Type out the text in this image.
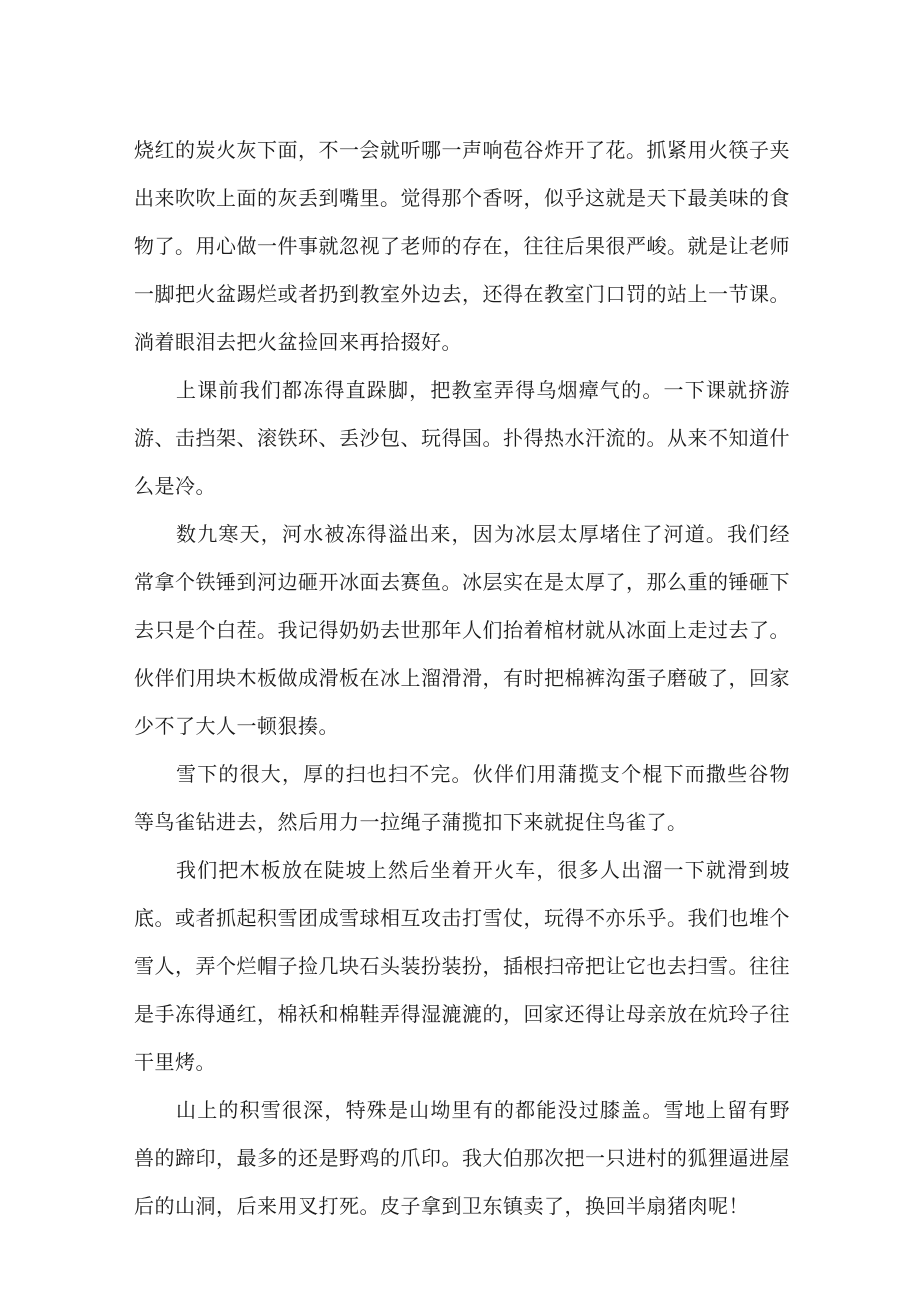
烧红的炭火灰下面，不一会就听哪一声响苞谷炸开了花。抓紧用火筷子夹出来吹吹上面的灰丢到嘴里。觉得那个香呀，似乎这就是天下最美味的食物了。用心做一件事就忽视了老师的存在，往往后果很严峻。就是让老师一脚把火盆踢烂或者扔到教室外边去，还得在教室门口罚的站上一节课。淌着眼泪去把火盆捡回来再拾掇好。

上课前我们都冻得直跺脚，把教室弄得乌烟瘴气的。一下课就挤游游、击挡架、滚铁环、丢沙包、玩得国。扑得热水汗流的。从来不知道什么是冷。

数九寒天，河水被冻得溢出来，因为冰层太厚堵住了河道。我们经常拿个铁锤到河边砸开冰面去赛鱼。冰层实在是太厚了，那么重的锤砸下去只是个白茬。我记得奶奶去世那年人们抬着棺材就从冰面上走过去了。伙伴们用块木板做成滑板在冰上溜滑滑，有时把棉裤沟蛋子磨破了，回家少不了大人一顿狠揍。

雪下的很大，厚的扫也扫不完。伙伴们用蒲揽支个棍下而撒些谷物等鸟雀钻进去，然后用力一拉绳子蒲揽扣下来就捉住鸟雀了。

我们把木板放在陡坡上然后坐着开火车，很多人出溜一下就滑到坡底。或者抓起积雪团成雪球相互攻击打雪仗，玩得不亦乐乎。我们也堆个雪人，弄个烂帽子捡几块石头装扮装扮，插根扫帝把让它也去扫雪。往往是手冻得通红，棉袄和棉鞋弄得湿漉漉的，回家还得让母亲放在炕玲子往干里烤。

山上的积雪很深，特殊是山坳里有的都能没过膝盖。雪地上留有野兽的蹄印，最多的还是野鸡的爪印。我大伯那次把一只进村的狐狸逼进屋后的山洞，后来用叉打死。皮子拿到卫东镇卖了，换回半扇猪肉呢！
